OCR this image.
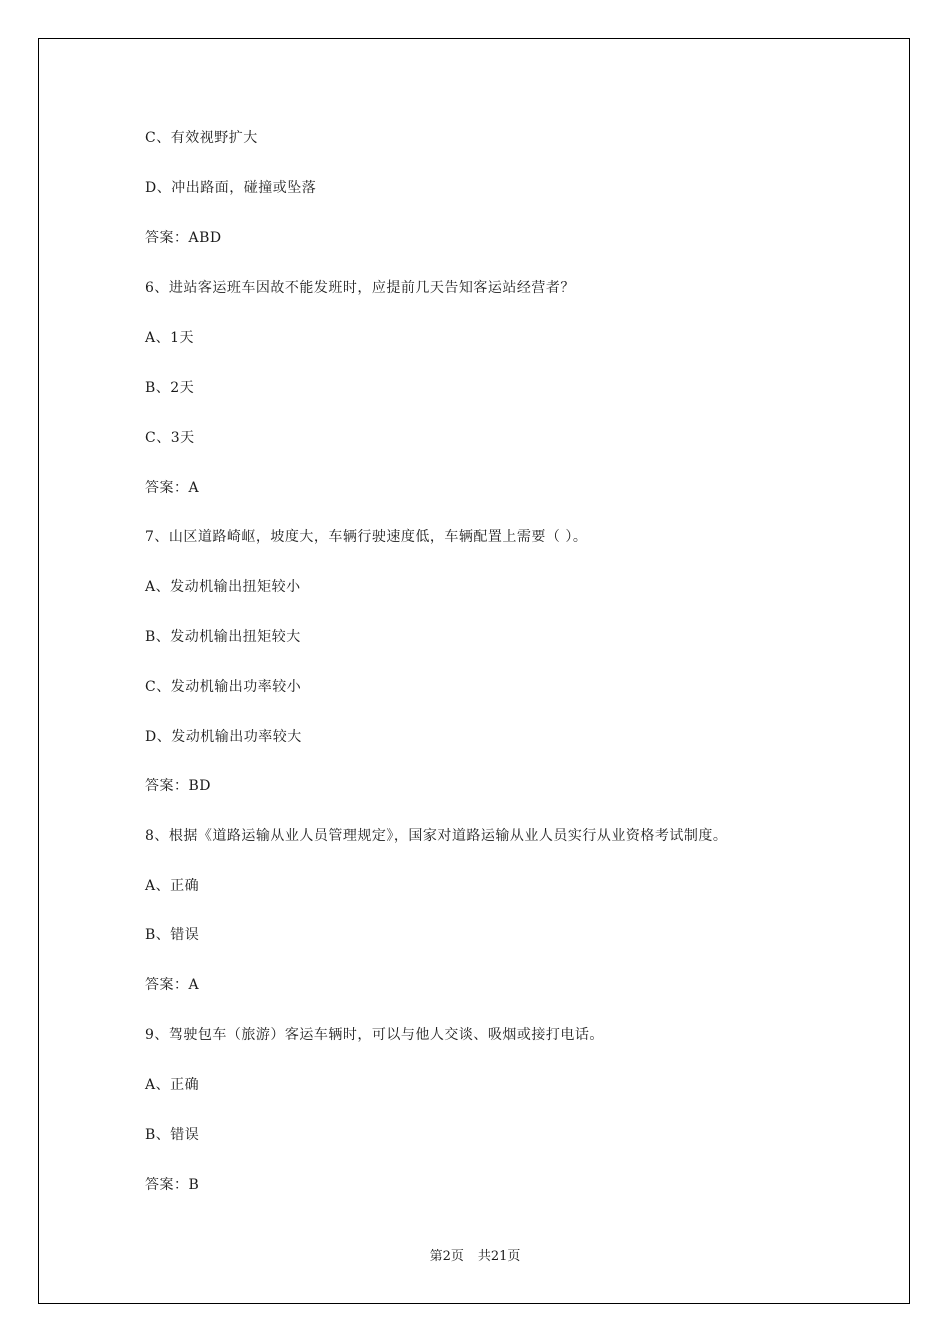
C、有效视野扩大
D、冲出路面，碰撞或坠落
答案：ABD
6、进站客运班车因故不能发班时，应提前几天告知客运站经营者？
A、1天
B、2天
C、3天
答案：A
7、山区道路崎岖，坡度大，车辆行驶速度低，车辆配置上需要（ ）。
A、发动机输出扭矩较小
B、发动机输出扭矩较大
C、发动机输出功率较小
D、发动机输出功率较大
答案：BD
8、根据《道路运输从业人员管理规定》，国家对道路运输从业人员实行从业资格考试制度。
A、正确
B、错误
答案：A
9、驾驶包车（旅游）客运车辆时，可以与他人交谈、吸烟或接打电话。
A、正确
B、错误
答案：B
第2页 共21页
